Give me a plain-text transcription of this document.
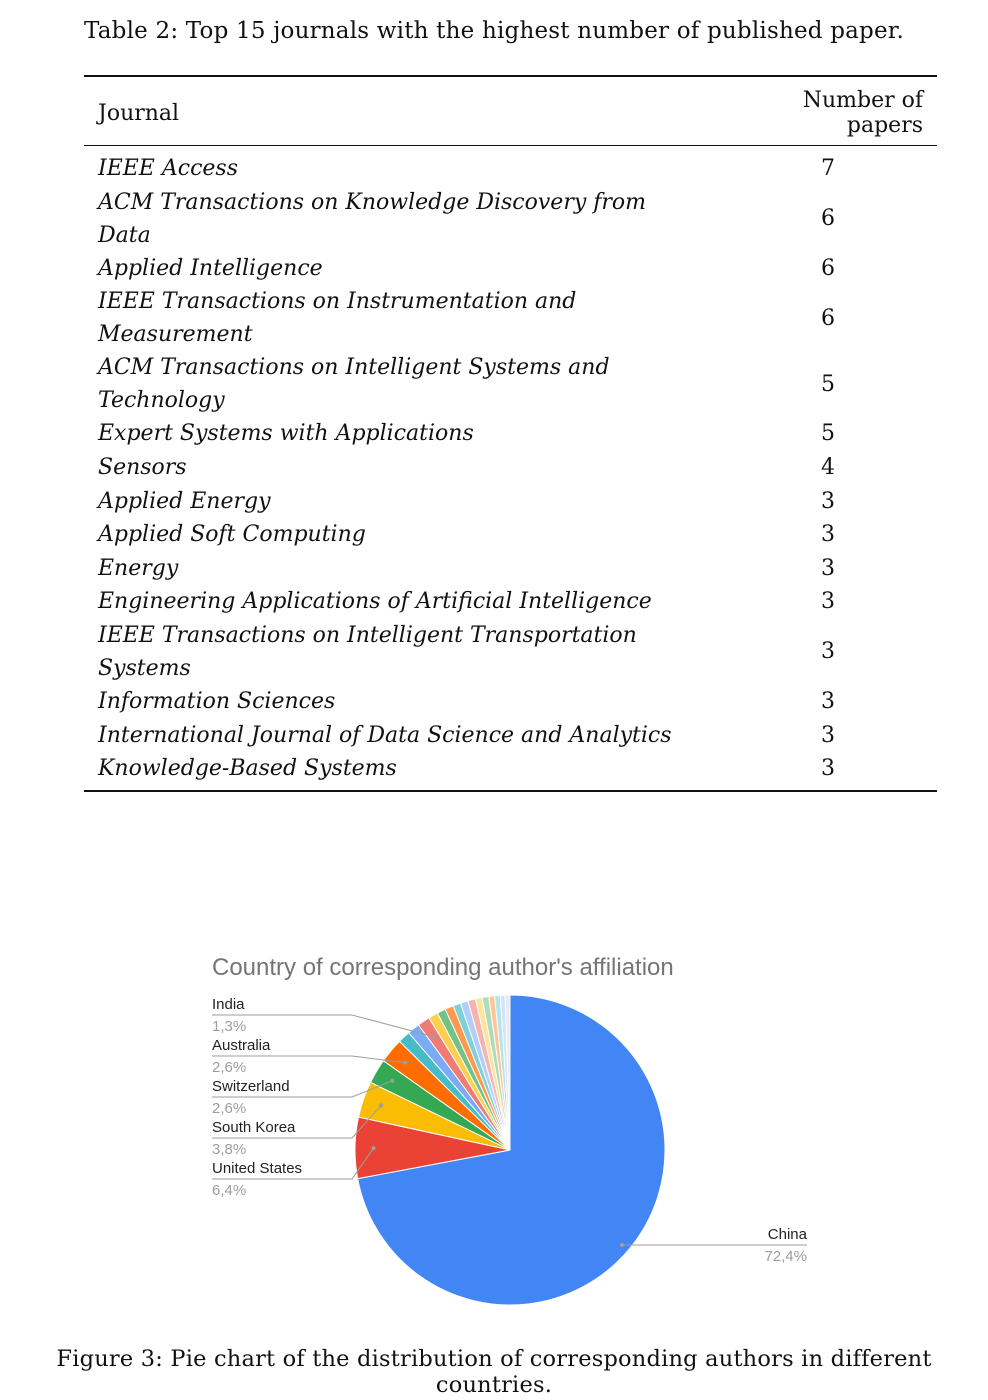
Table 2: Top 15 journals with the highest number of published paper.
Journal	Number of papers
IEEE Access	7
ACM Transactions on Knowledge Discovery from Data	6
Applied Intelligence	6
IEEE Transactions on Instrumentation and Measurement	6
ACM Transactions on Intelligent Systems and Technology	5
Expert Systems with Applications	5
Sensors	4
Applied Energy	3
Applied Soft Computing	3
Energy	3
Engineering Applications of Artificial Intelligence	3
IEEE Transactions on Intelligent Transportation Systems	3
Information Sciences	3
International Journal of Data Science and Analytics	3
Knowledge-Based Systems	3
Country of corresponding author's affiliation
India
1,3%
Australia
2,6%
Switzerland
2,6%
South Korea
3,8%
United States
6,4%
China
72,4%
Figure 3: Pie chart of the distribution of corresponding authors in different countries.
